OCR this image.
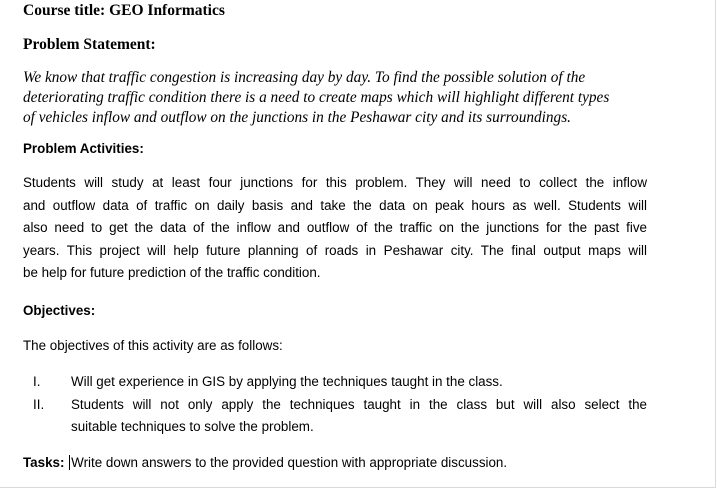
Course title: GEO Informatics
Problem Statement:
We know that traffic congestion is increasing day by day. To find the possible solution of the
deteriorating traffic condition there is a need to create maps which will highlight different types
of vehicles inflow and outflow on the junctions in the Peshawar city and its surroundings.
Problem Activities:
Students will study at least four junctions for this problem. They will need to collect the inflow
and outflow data of traffic on daily basis and take the data on peak hours as well. Students will
also need to get the data of the inflow and outflow of the traffic on the junctions for the past five
years. This project will help future planning of roads in Peshawar city. The final output maps will
be help for future prediction of the traffic condition.
Objectives:
The objectives of this activity are as follows:
I.	Will get experience in GIS by applying the techniques taught in the class.
II.	Students will not only apply the techniques taught in the class but will also select the
suitable techniques to solve the problem.
Tasks: Write down answers to the provided question with appropriate discussion.
